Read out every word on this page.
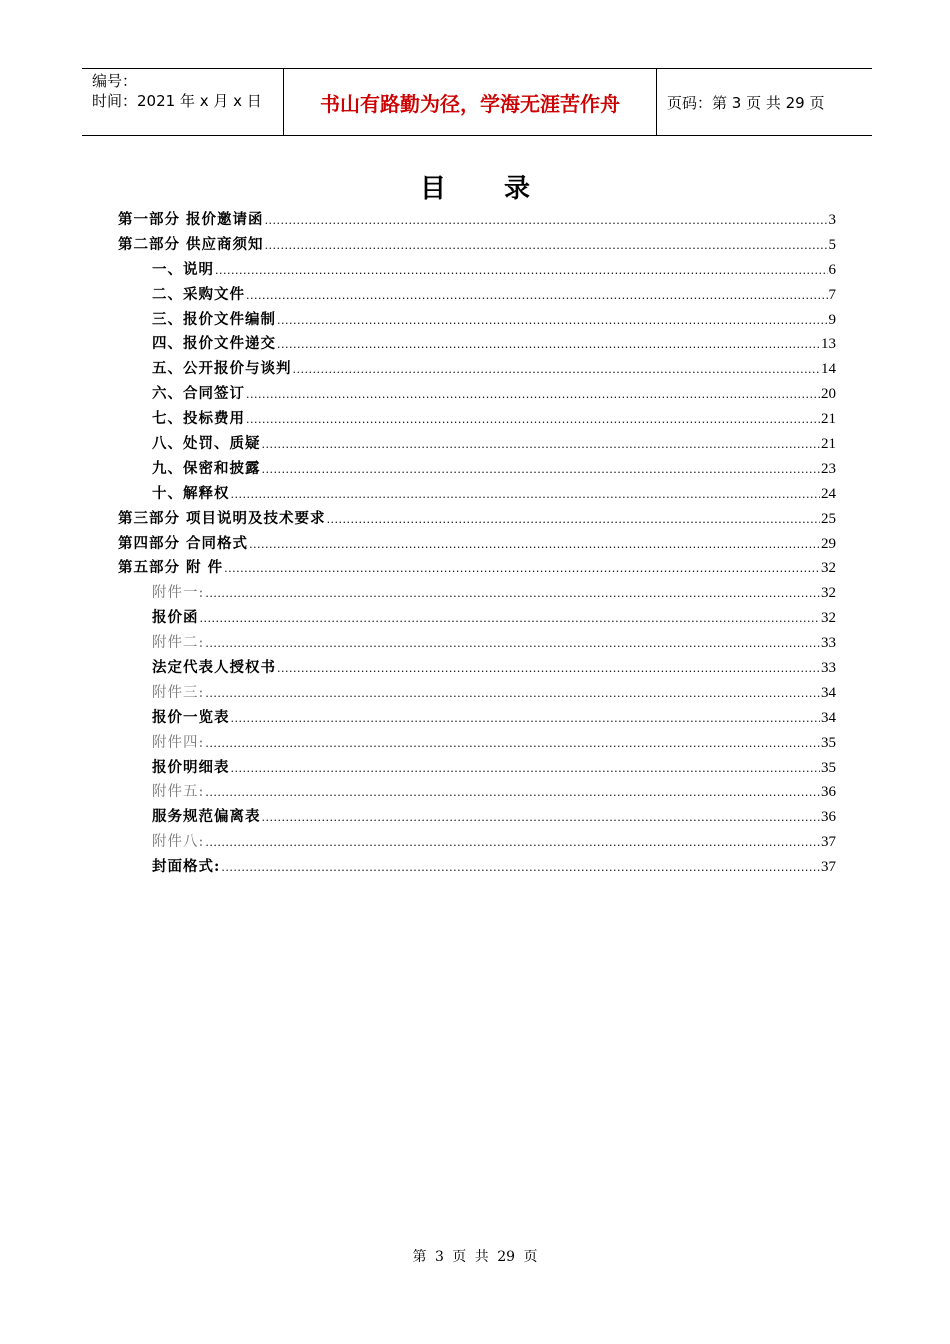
编号：
时间：2021 年 x 月 x 日	书山有路勤为径，学海无涯苦作舟	页码：第 3 页 共 29 页
目 录
第一部分 报价邀请函 .....	3
第二部分 供应商须知 .....	5
一、说明 .....	6
二、采购文件 .....	7
三、报价文件编制 .....	9
四、报价文件递交 .....	13
五、公开报价与谈判 .....	14
六、合同签订 .....	20
七、投标费用 .....	21
八、处罚、质疑 .....	21
九、保密和披露 .....	23
十、解释权 .....	24
第三部分 项目说明及技术要求 .....	25
第四部分 合同格式 .....	29
第五部分 附 件 .....	32
附件一: .....	32
报价函 .....	32
附件二: .....	33
法定代表人授权书 .....	33
附件三: .....	34
报价一览表 .....	34
附件四: .....	35
报价明细表 .....	35
附件五: .....	36
服务规范偏离表 .....	36
附件八: .....	37
封面格式: .....	37
第 3 页 共 29 页
